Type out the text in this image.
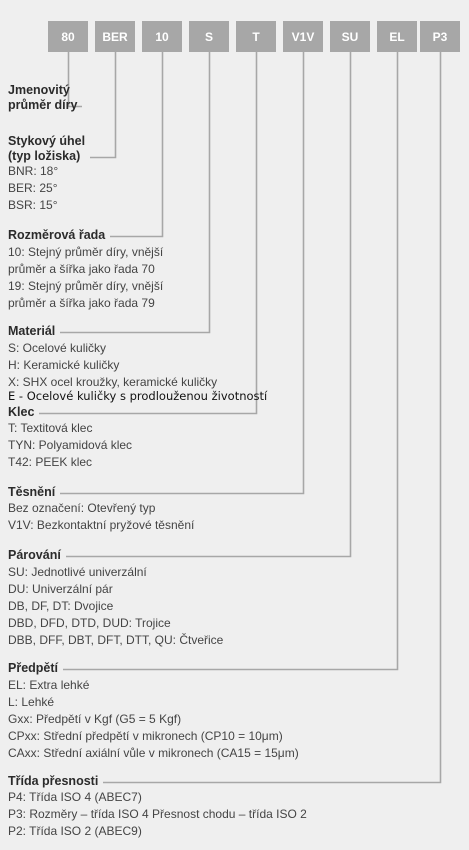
80	BER	10	S	T	V1V	SU	EL	P3
Jmenovitý
průměr díry
Stykový úhel
(typ ložiska)
BNR: 18°
BER: 25°
BSR: 15°
Rozměrová řada
10: Stejný průměr díry, vnější
průměr a šířka jako řada 70
19: Stejný průměr díry, vnější
průměr a šířka jako řada 79
Materiál
S: Ocelové kuličky
H: Keramické kuličky
X: SHX ocel kroužky, keramické kuličky
E - Ocelové kuličky s prodlouženou životností
Klec
T: Textitová klec
TYN: Polyamidová klec
T42: PEEK klec
Těsnění
Bez označení: Otevřený typ
V1V: Bezkontaktní pryžové těsnění
Párování
SU: Jednotlivé univerzální
DU: Univerzální pár
DB, DF, DT: Dvojice
DBD, DFD, DTD, DUD: Trojice
DBB, DFF, DBT, DFT, DTT, QU: Čtveřice
Předpětí
EL: Extra lehké
L: Lehké
Gxx: Předpětí v Kgf (G5 = 5 Kgf)
CPxx: Střední předpětí v mikronech (CP10 = 10μm)
CAxx: Střední axiální vůle v mikronech (CA15 = 15μm)
Třída přesnosti
P4: Třída ISO 4 (ABEC7)
P3: Rozměry – třída ISO 4 Přesnost chodu – třída ISO 2
P2: Třída ISO 2 (ABEC9)
